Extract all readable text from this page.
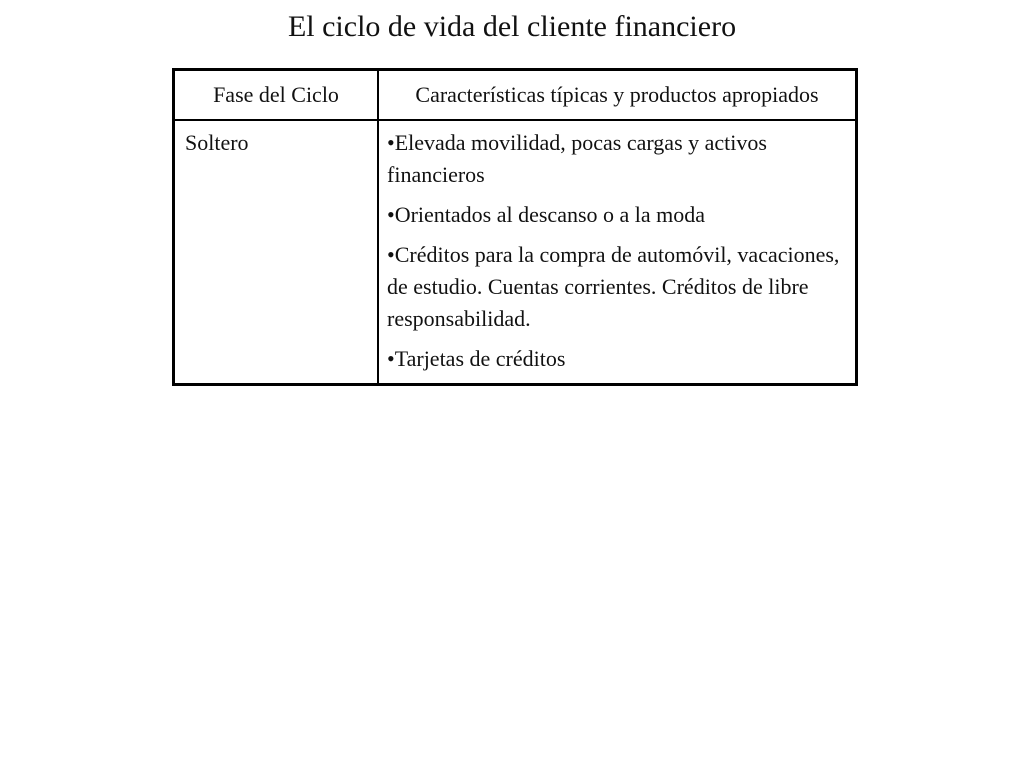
El ciclo de vida del cliente financiero
Fase del Ciclo	Características típicas y productos apropiados
Soltero	•Elevada movilidad, pocas cargas y activos financieros
•Orientados al descanso o a la moda
•Créditos para la compra de automóvil, vacaciones, de estudio. Cuentas corrientes. Créditos de libre responsabilidad.
•Tarjetas de créditos
